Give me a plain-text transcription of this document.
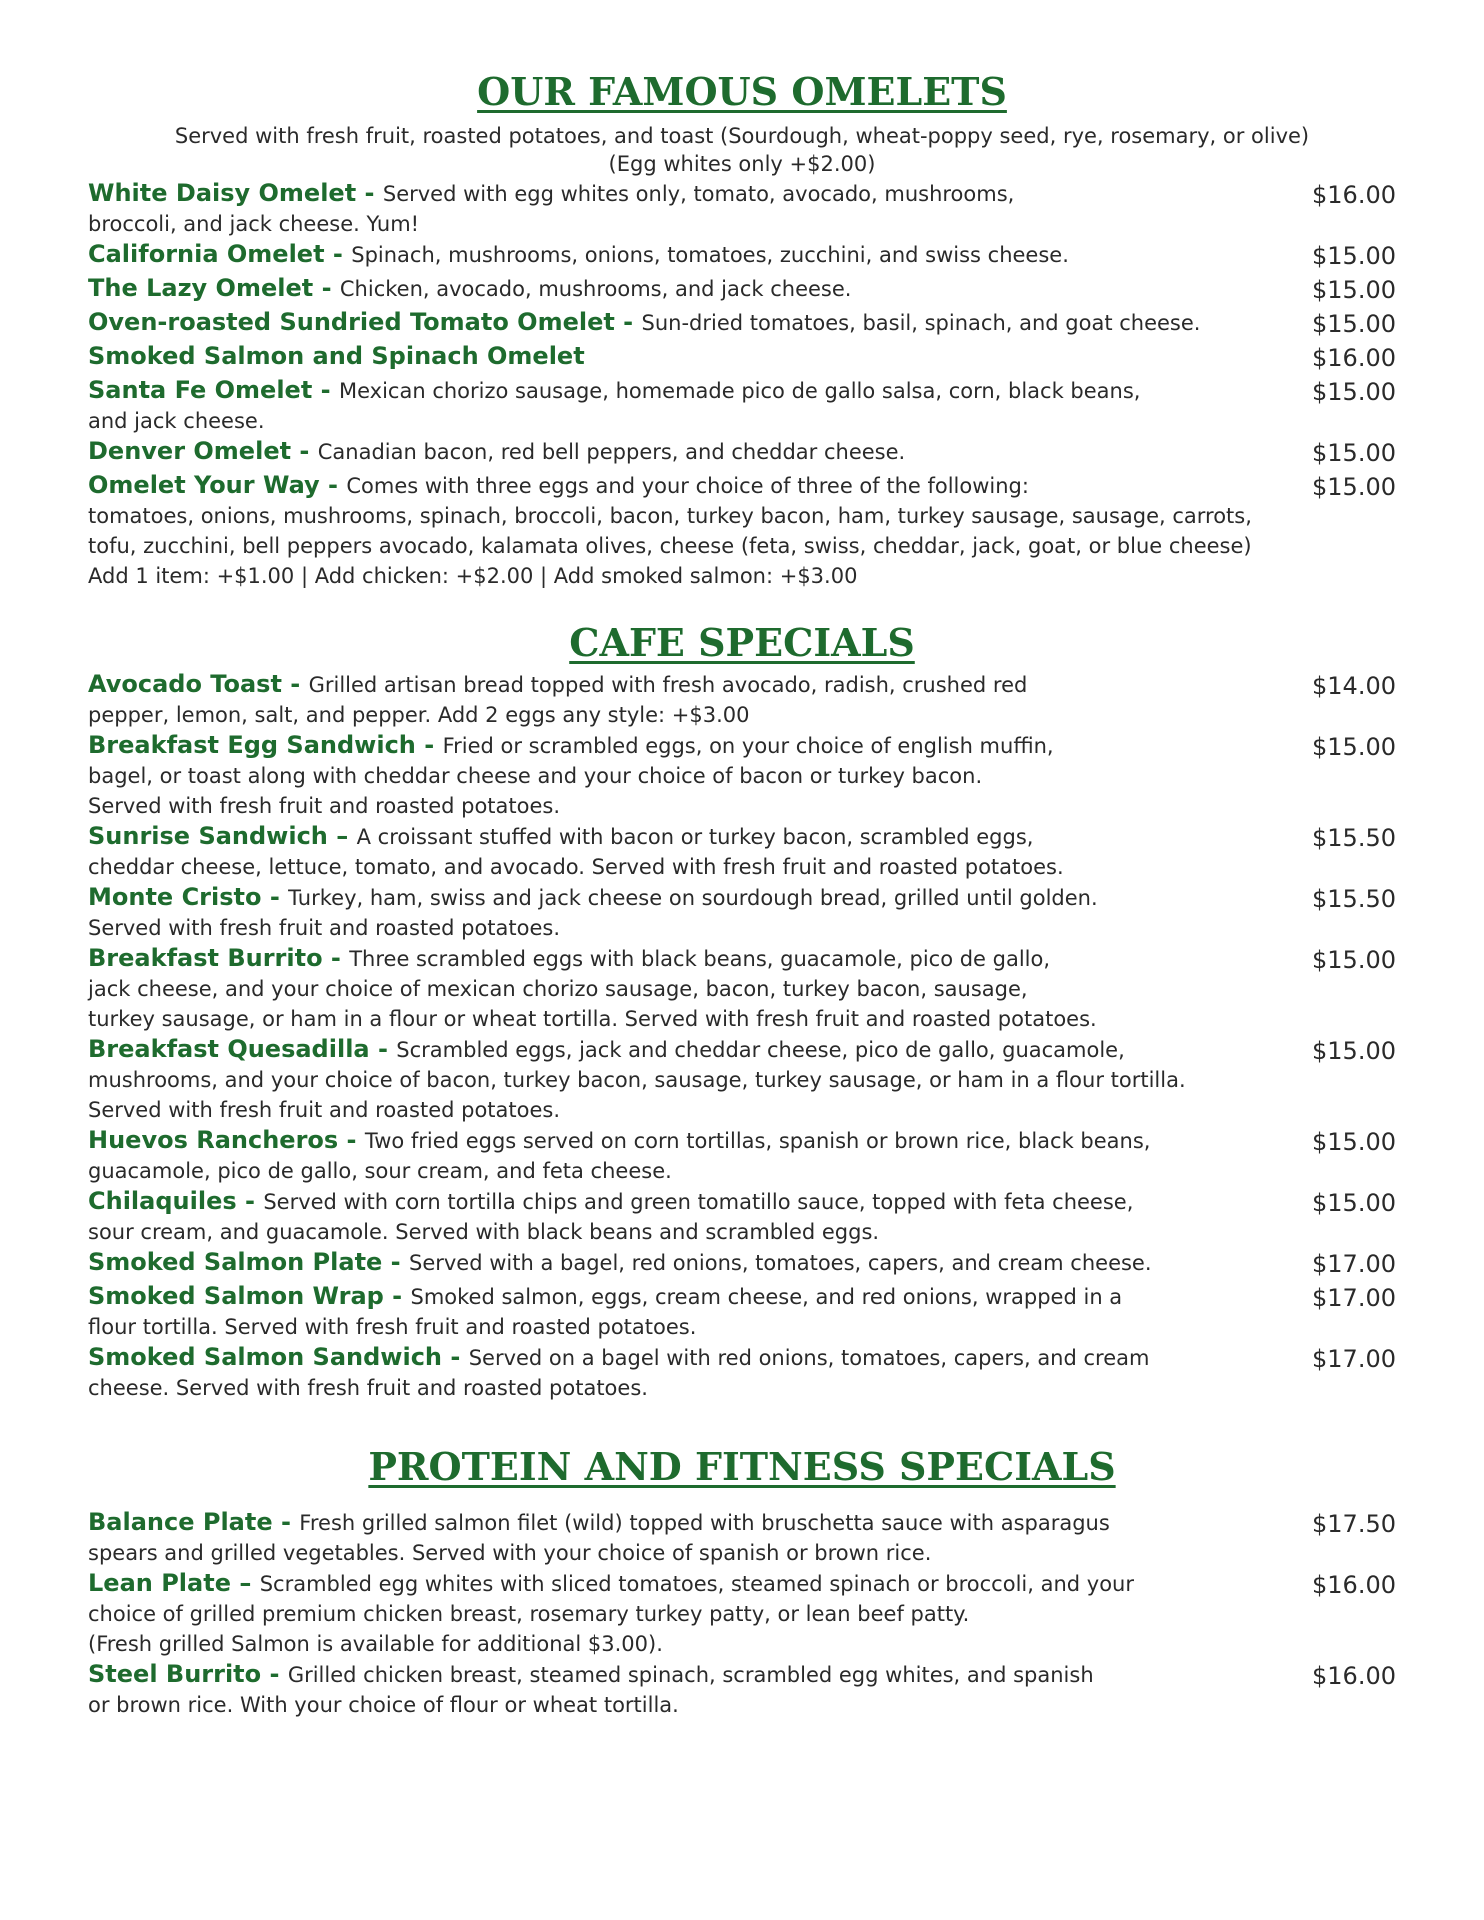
OUR FAMOUS OMELETS

Served with fresh fruit, roasted potatoes, and toast (Sourdough, wheat-poppy seed, rye, rosemary, or olive)
(Egg whites only +$2.00)

White Daisy Omelet - Served with egg whites only, tomato, avocado, mushrooms,
broccoli, and jack cheese. Yum!
$16.00
California Omelet - Spinach, mushrooms, onions, tomatoes, zucchini, and swiss cheese.	$15.00
The Lazy Omelet - Chicken, avocado, mushrooms, and jack cheese.	$15.00
Oven-roasted Sundried Tomato Omelet - Sun-dried tomatoes, basil, spinach, and goat cheese.	$15.00
Smoked Salmon and Spinach Omelet	$16.00
Santa Fe Omelet - Mexican chorizo sausage, homemade pico de gallo salsa, corn, black beans,
and jack cheese.
$15.00
Denver Omelet - Canadian bacon, red bell peppers, and cheddar cheese.	$15.00
Omelet Your Way - Comes with three eggs and your choice of three of the following:
tomatoes, onions, mushrooms, spinach, broccoli, bacon, turkey bacon, ham, turkey sausage, sausage, carrots,
tofu, zucchini, bell peppers avocado, kalamata olives, cheese (feta, swiss, cheddar, jack, goat, or blue cheese)
Add 1 item: +$1.00 | Add chicken: +$2.00 | Add smoked salmon: +$3.00
$15.00
CAFE SPECIALS
Avocado Toast - Grilled artisan bread topped with fresh avocado, radish, crushed red
pepper, lemon, salt, and pepper. Add 2 eggs any style: +$3.00
$14.00
Breakfast Egg Sandwich - Fried or scrambled eggs, on your choice of english muffin,
bagel, or toast along with cheddar cheese and your choice of bacon or turkey bacon.
Served with fresh fruit and roasted potatoes.
$15.00
Sunrise Sandwich – A croissant stuffed with bacon or turkey bacon, scrambled eggs,
cheddar cheese, lettuce, tomato, and avocado. Served with fresh fruit and roasted potatoes.
$15.50
Monte Cristo - Turkey, ham, swiss and jack cheese on sourdough bread, grilled until golden.
Served with fresh fruit and roasted potatoes.
$15.50
Breakfast Burrito - Three scrambled eggs with black beans, guacamole, pico de gallo,
jack cheese, and your choice of mexican chorizo sausage, bacon, turkey bacon, sausage,
turkey sausage, or ham in a flour or wheat tortilla. Served with fresh fruit and roasted potatoes.
$15.00
Breakfast Quesadilla - Scrambled eggs, jack and cheddar cheese, pico de gallo, guacamole,
mushrooms, and your choice of bacon, turkey bacon, sausage, turkey sausage, or ham in a flour tortilla.
Served with fresh fruit and roasted potatoes.
$15.00
Huevos Rancheros - Two fried eggs served on corn tortillas, spanish or brown rice, black beans,
guacamole, pico de gallo, sour cream, and feta cheese.
$15.00
Chilaquiles - Served with corn tortilla chips and green tomatillo sauce, topped with feta cheese,
sour cream, and guacamole. Served with black beans and scrambled eggs.
$15.00
Smoked Salmon Plate - Served with a bagel, red onions, tomatoes, capers, and cream cheese.	$17.00
Smoked Salmon Wrap - Smoked salmon, eggs, cream cheese, and red onions, wrapped in a
flour tortilla. Served with fresh fruit and roasted potatoes.
$17.00
Smoked Salmon Sandwich - Served on a bagel with red onions, tomatoes, capers, and cream
cheese. Served with fresh fruit and roasted potatoes.
$17.00
PROTEIN AND FITNESS SPECIALS
Balance Plate - Fresh grilled salmon filet (wild) topped with bruschetta sauce with asparagus
spears and grilled vegetables. Served with your choice of spanish or brown rice.
$17.50
Lean Plate – Scrambled egg whites with sliced tomatoes, steamed spinach or broccoli, and your
choice of grilled premium chicken breast, rosemary turkey patty, or lean beef patty.
(Fresh grilled Salmon is available for additional $3.00).
$16.00
Steel Burrito - Grilled chicken breast, steamed spinach, scrambled egg whites, and spanish
or brown rice. With your choice of flour or wheat tortilla.
$16.00
